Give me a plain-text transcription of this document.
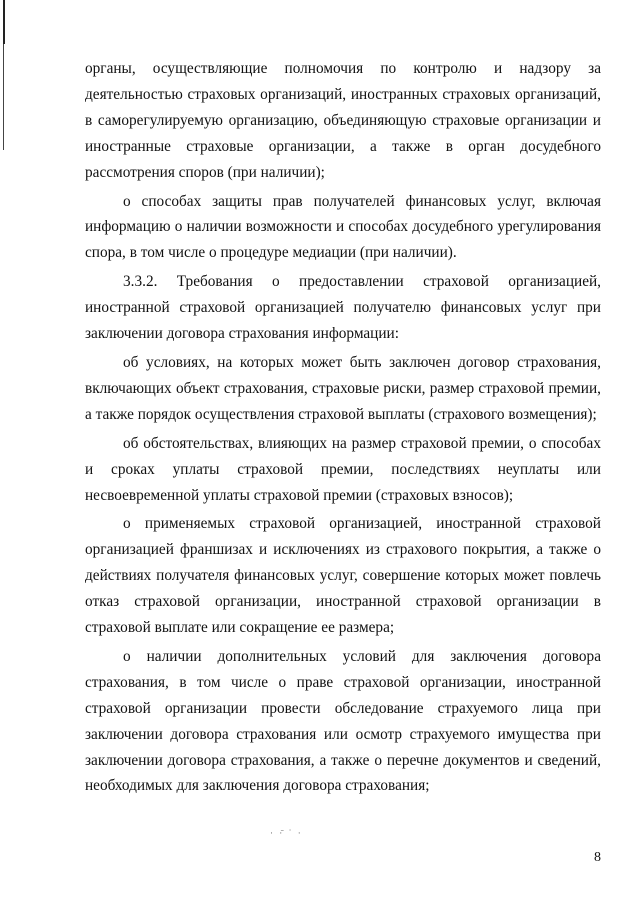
органы, осуществляющие полномочия по контролю и надзору за деятельностью страховых организаций, иностранных страховых организаций, в саморегулируемую организацию, объединяющую страховые организации и иностранные страховые организации, а также в орган досудебного рассмотрения споров (при наличии);

о способах защиты прав получателей финансовых услуг, включая информацию о наличии возможности и способах досудебного урегулирования спора, в том числе о процедуре медиации (при наличии).

3.3.2. Требования о предоставлении страховой организацией, иностранной страховой организацией получателю финансовых услуг при заключении договора страхования информации:

об условиях, на которых может быть заключен договор страхования, включающих объект страхования, страховые риски, размер страховой премии, а также порядок осуществления страховой выплаты (страхового возмещения);

об обстоятельствах, влияющих на размер страховой премии, о способах и сроках уплаты страховой премии, последствиях неуплаты или несвоевременной уплаты страховой премии (страховых взносов);

о применяемых страховой организацией, иностранной страховой организацией франшизах и исключениях из страхового покрытия, а также о действиях получателя финансовых услуг, совершение которых может повлечь отказ страховой организации, иностранной страховой организации в страховой выплате или сокращение ее размера;

о наличии дополнительных условий для заключения договора страхования, в том числе о праве страховой организации, иностранной страховой организации провести обследование страхуемого лица при заключении договора страхования или осмотр страхуемого имущества при заключении договора страхования, а также о перечне документов и сведений, необходимых для заключения договора страхования;

· ·̄ ʾ ·
8
